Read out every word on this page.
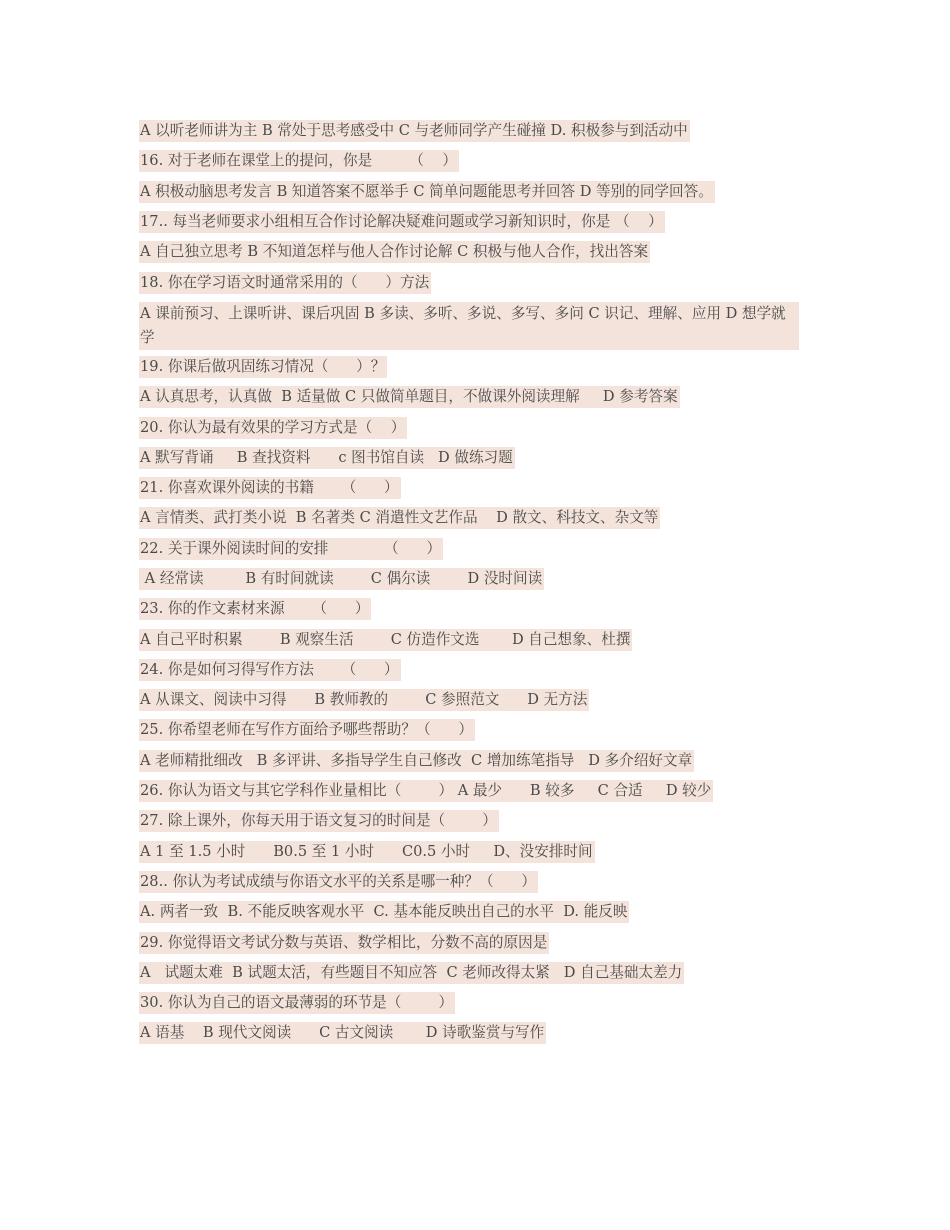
A 以听老师讲为主 B 常处于思考感受中 C 与老师同学产生碰撞 D. 积极参与到活动中
16. 对于老师在课堂上的提问，你是        （    ）
A 积极动脑思考发言 B 知道答案不愿举手 C 简单问题能思考并回答 D 等别的同学回答。
17.. 每当老师要求小组相互合作讨论解决疑难问题或学习新知识时，你是 （    ）
A 自己独立思考 B 不知道怎样与他人合作讨论解 C 积极与他人合作，找出答案
18. 你在学习语文时通常采用的（      ）方法
A 课前预习、上课听讲、课后巩固 B 多读、多听、多说、多写、多问 C 识记、理解、应用 D 想学就学
19. 你课后做巩固练习情况（      ）？
A 认真思考，认真做  B 适量做 C 只做简单题目，不做课外阅读理解     D 参考答案
20. 你认为最有效果的学习方式是（    ）
A 默写背诵     B 查找资料      c 图书馆自读   D 做练习题
21. 你喜欢课外阅读的书籍      （      ）
A 言情类、武打类小说  B 名著类 C 消遣性文艺作品    D 散文、科技文、杂文等
22. 关于课外阅读时间的安排            （      ）
A 经常读         B 有时间就读        C 偶尔读        D 没时间读
23. 你的作文素材来源      （      ）
A 自己平时积累        B 观察生活        C 仿造作文选       D 自己想象、杜撰
24. 你是如何习得写作方法      （      ）
A 从课文、阅读中习得      B 教师教的        C 参照范文      D 无方法
25. 你希望老师在写作方面给予哪些帮助？（      ）
A 老师精批细改   B 多评讲、多指导学生自己修改  C 增加练笔指导   D 多介绍好文章
26. 你认为语文与其它学科作业量相比（        ） A 最少      B 较多     C 合适     D 较少
27. 除上课外，你每天用于语文复习的时间是（        ）
A 1 至 1.5 小时      B0.5 至 1 小时      C0.5 小时     D、没安排时间
28.. 你认为考试成绩与你语文水平的关系是哪一种？（      ）
A. 两者一致  B. 不能反映客观水平  C. 基本能反映出自己的水平  D. 能反映
29. 你觉得语文考试分数与英语、数学相比，分数不高的原因是
A   试题太难  B 试题太活，有些题目不知应答  C 老师改得太紧   D 自己基础太差力
30. 你认为自己的语文最薄弱的环节是（        ）
A 语基    B 现代文阅读      C 古文阅读       D 诗歌鉴赏与写作
